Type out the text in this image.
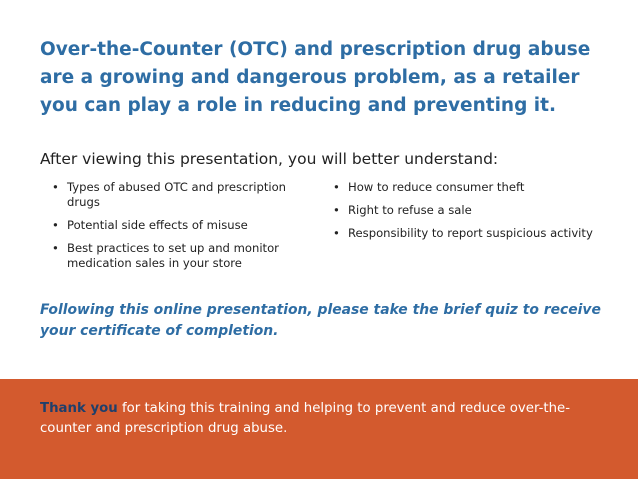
Over-the-Counter (OTC) and prescription drug abuse are a growing and dangerous problem, as a retailer you can play a role in reducing and preventing it.

After viewing this presentation, you will better understand:

• Types of abused OTC and prescription drugs
• Potential side effects of misuse
• Best practices to set up and monitor medication sales in your store
• How to reduce consumer theft
• Right to refuse a sale
• Responsibility to report suspicious activity

Following this online presentation, please take the brief quiz to receive your certificate of completion.

Thank you for taking this training and helping to prevent and reduce over-the-counter and prescription drug abuse.
